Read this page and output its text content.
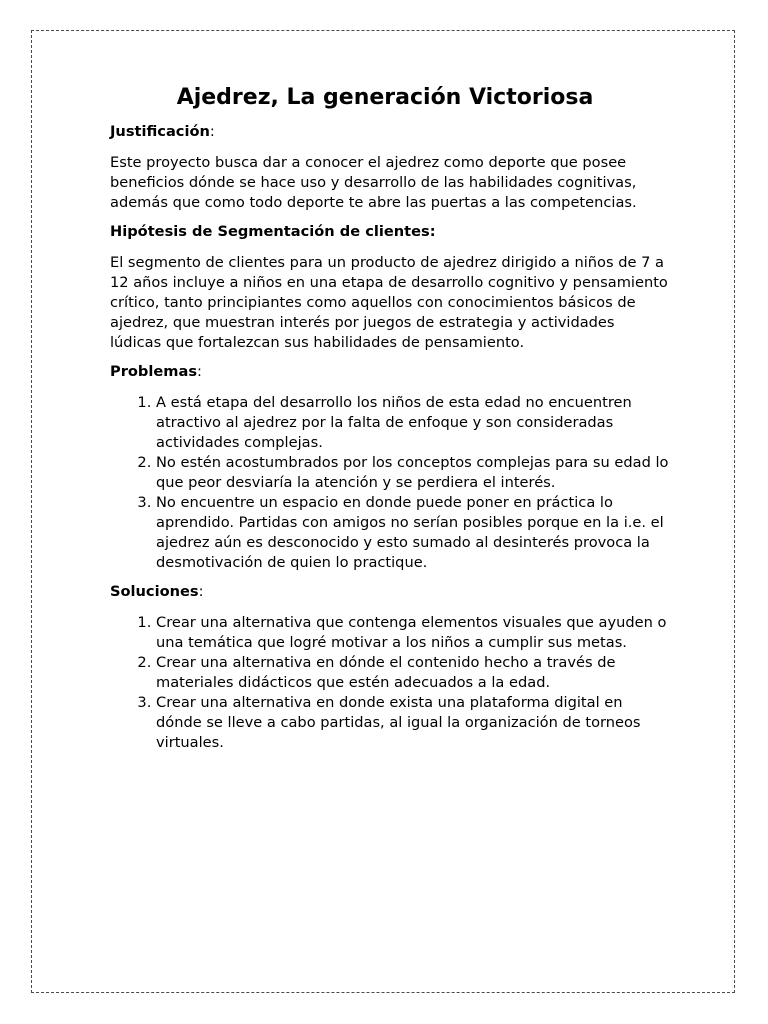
Ajedrez, La generación Victoriosa
Justificación:

Este proyecto busca dar a conocer el ajedrez como deporte que posee beneficios dónde se hace uso y desarrollo de las habilidades cognitivas, además que como todo deporte te abre las puertas a las competencias.

Hipótesis de Segmentación de clientes:

El segmento de clientes para un producto de ajedrez dirigido a niños de 7 a 12 años incluye a niños en una etapa de desarrollo cognitivo y pensamiento crítico, tanto principiantes como aquellos con conocimientos básicos de ajedrez, que muestran interés por juegos de estrategia y actividades lúdicas que fortalezcan sus habilidades de pensamiento.

Problemas:
1. A está etapa del desarrollo los niños de esta edad no encuentren atractivo al ajedrez por la falta de enfoque y son consideradas actividades complejas.
2. No estén acostumbrados por los conceptos complejas para su edad lo que peor desviaría la atención y se perdiera el interés.
3. No encuentre un espacio en donde puede poner en práctica lo aprendido. Partidas con amigos no serían posibles porque en la i.e. el ajedrez aún es desconocido y esto sumado al desinterés provoca la desmotivación de quien lo practique.
Soluciones:
1. Crear una alternativa que contenga elementos visuales que ayuden o una temática que logré motivar a los niños a cumplir sus metas.
2. Crear una alternativa en dónde el contenido hecho a través de materiales didácticos que estén adecuados a la edad.
3. Crear una alternativa en donde exista una plataforma digital en dónde se lleve a cabo partidas, al igual la organización de torneos virtuales.
